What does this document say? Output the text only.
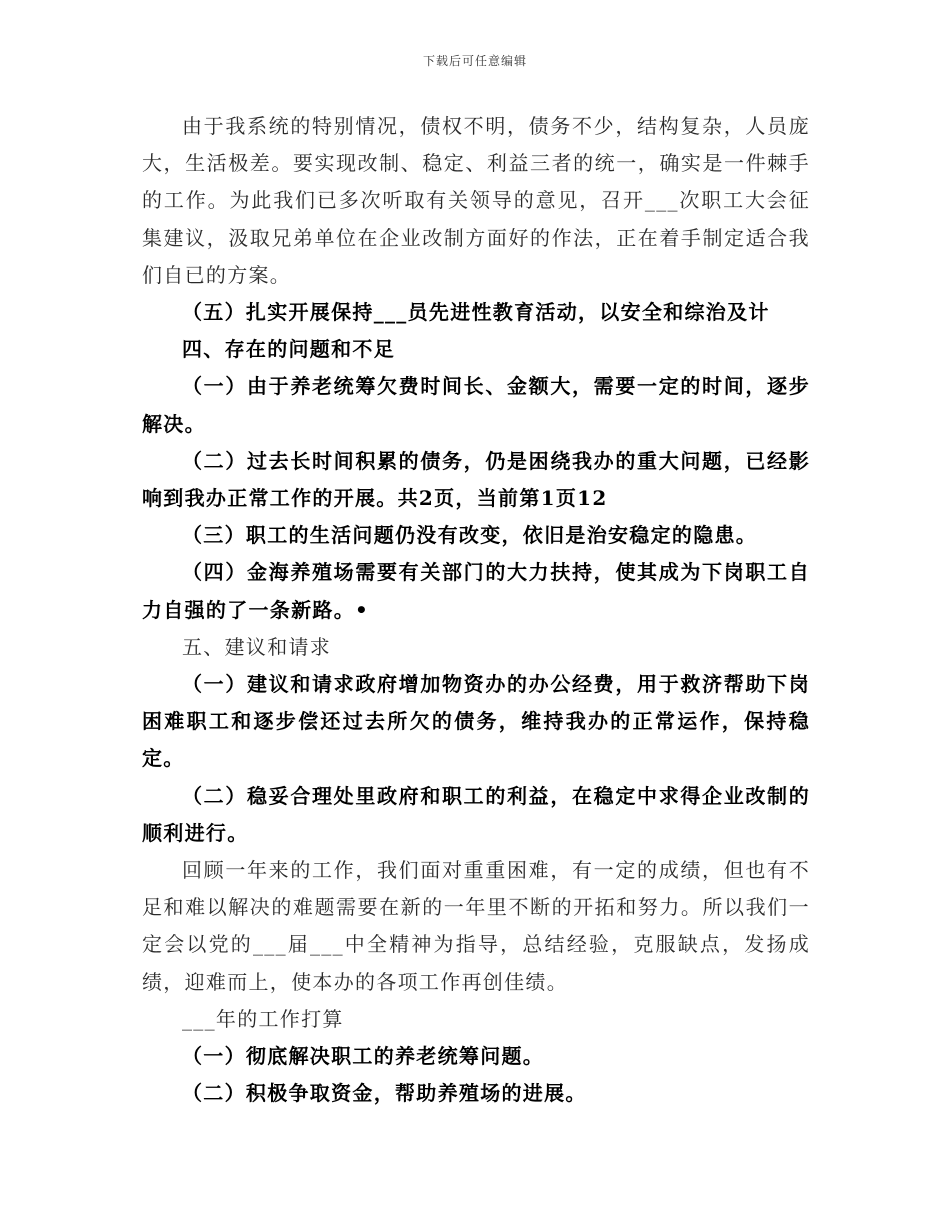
下载后可任意编辑

由于我系统的特别情况，债权不明，债务不少，结构复杂，人员庞大，生活极差。要实现改制、稳定、利益三者的统一，确实是一件棘手的工作。为此我们已多次听取有关领导的意见，召开___次职工大会征集建议，汲取兄弟单位在企业改制方面好的作法，正在着手制定适合我们自已的方案。

（五）扎实开展保持___员先进性教育活动，以安全和综治及计

四、存在的问题和不足

（一）由于养老统筹欠费时间长、金额大，需要一定的时间，逐步解决。

（二）过去长时间积累的债务，仍是困绕我办的重大问题，已经影响到我办正常工作的开展。共2页，当前第1页12

（三）职工的生活问题仍没有改变，依旧是治安稳定的隐患。

（四）金海养殖场需要有关部门的大力扶持，使其成为下岗职工自力自强的了一条新路。•

五、建议和请求

（一）建议和请求政府增加物资办的办公经费，用于救济帮助下岗困难职工和逐步偿还过去所欠的债务，维持我办的正常运作，保持稳定。

（二）稳妥合理处里政府和职工的利益，在稳定中求得企业改制的顺利进行。

回顾一年来的工作，我们面对重重困难，有一定的成绩，但也有不足和难以解决的难题需要在新的一年里不断的开拓和努力。所以我们一定会以党的___届___中全精神为指导，总结经验，克服缺点，发扬成绩，迎难而上，使本办的各项工作再创佳绩。

___年的工作打算

（一）彻底解决职工的养老统筹问题。

（二）积极争取资金，帮助养殖场的进展。
